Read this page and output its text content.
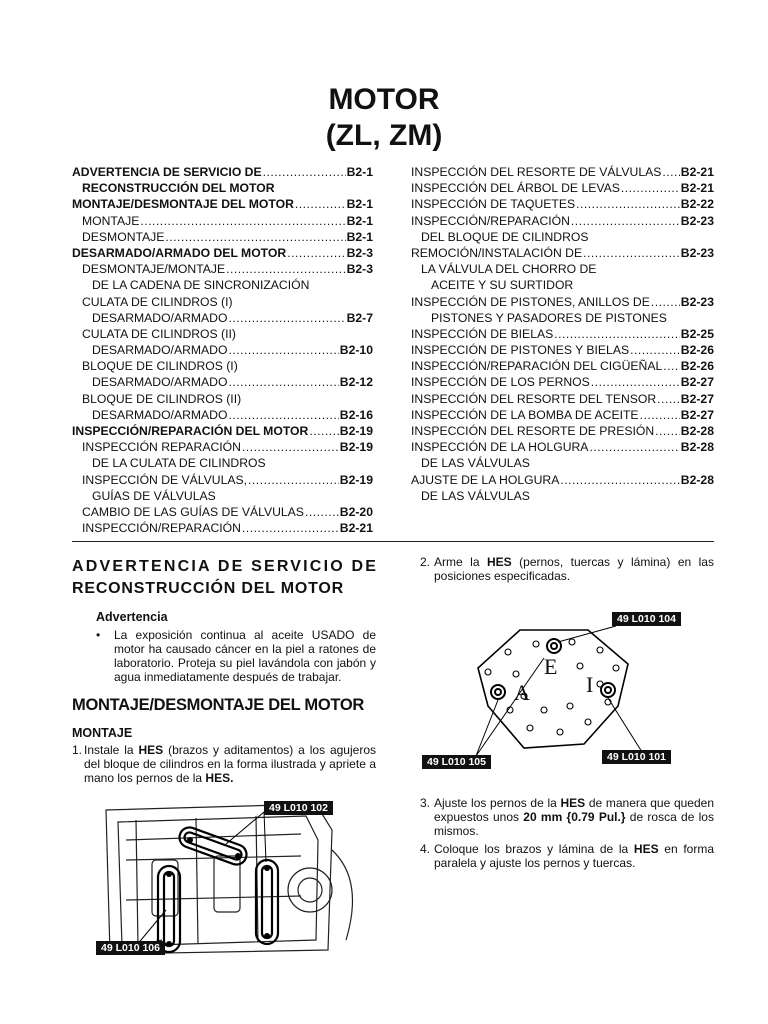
MOTOR
(ZL, ZM)
ADVERTENCIA DE SERVICIO DE .....	B2-1
RECONSTRUCCIÓN DEL MOTOR
MONTAJE/DESMONTAJE DEL MOTOR .....	B2-1
MONTAJE .....	B2-1
DESMONTAJE .....	B2-1
DESARMADO/ARMADO DEL MOTOR .....	B2-3
DESMONTAJE/MONTAJE .....	B2-3
DE LA CADENA DE SINCRONIZACIÓN
CULATA DE CILINDROS (I)
DESARMADO/ARMADO .....	B2-7
CULATA DE CILINDROS (II)
DESARMADO/ARMADO .....	B2-10
BLOQUE DE CILINDROS (I)
DESARMADO/ARMADO .....	B2-12
BLOQUE DE CILINDROS (II)
DESARMADO/ARMADO .....	B2-16
INSPECCIÓN/REPARACIÓN DEL MOTOR .....	B2-19
INSPECCIÓN REPARACIÓN .....	B2-19
DE LA CULATA DE CILINDROS
INSPECCIÓN DE VÁLVULAS, .....	B2-19
GUÍAS DE VÁLVULAS
CAMBIO DE LAS GUÍAS DE VÁLVULAS .....	B2-20
INSPECCIÓN/REPARACIÓN .....	B2-21
INSPECCIÓN DEL RESORTE DE VÁLVULAS ..... B2-21
INSPECCIÓN DEL ÁRBOL DE LEVAS .....	B2-21
INSPECCIÓN DE TAQUETES .....	B2-22
INSPECCIÓN/REPARACIÓN .....	B2-23
DEL BLOQUE DE CILINDROS
REMOCIÓN/INSTALACIÓN DE .....	B2-23
LA VÁLVULA DEL CHORRO DE
ACEITE Y SU SURTIDOR
INSPECCIÓN DE PISTONES, ANILLOS DE .....	B2-23
PISTONES Y PASADORES DE PISTONES
INSPECCIÓN DE BIELAS .....	B2-25
INSPECCIÓN DE PISTONES Y BIELAS .....	B2-26
INSPECCIÓN/REPARACIÓN DEL CIGÜEÑAL ..... B2-26
INSPECCIÓN DE LOS PERNOS .....	B2-27
INSPECCIÓN DEL RESORTE DEL TENSOR ..... B2-27
INSPECCIÓN DE LA BOMBA DE ACEITE .....	B2-27
INSPECCIÓN DEL RESORTE DE PRESIÓN ..... B2-28
INSPECCIÓN DE LA HOLGURA .....	B2-28
DE LAS VÁLVULAS
AJUSTE DE LA HOLGURA .....	B2-28
DE LAS VÁLVULAS
ADVERTENCIA DE SERVICIO DE
RECONSTRUCCIÓN DEL MOTOR
Advertencia
• La exposición continua al aceite USADO de motor ha causado cáncer en la piel a ratones de laboratorio. Proteja su piel lavándola con jabón y agua inmediatamente después de trabajar.
MONTAJE/DESMONTAJE DEL MOTOR
MONTAJE
1. Instale la HES (brazos y aditamentos) a los agujeros del bloque de cilindros en la forma ilustrada y apriete a mano los pernos de la HES.
49 L010 102
49 L010 106
2. Arme la HES (pernos, tuercas y lámina) en las posiciones especificadas.
E
A	I
49 L010 104
49 L010 105	49 L010 101
3. Ajuste los pernos de la HES de manera que queden expuestos unos 20 mm {0.79 Pul.} de rosca de los mismos.
4. Coloque los brazos y lámina de la HES en forma paralela y ajuste los pernos y tuercas.
